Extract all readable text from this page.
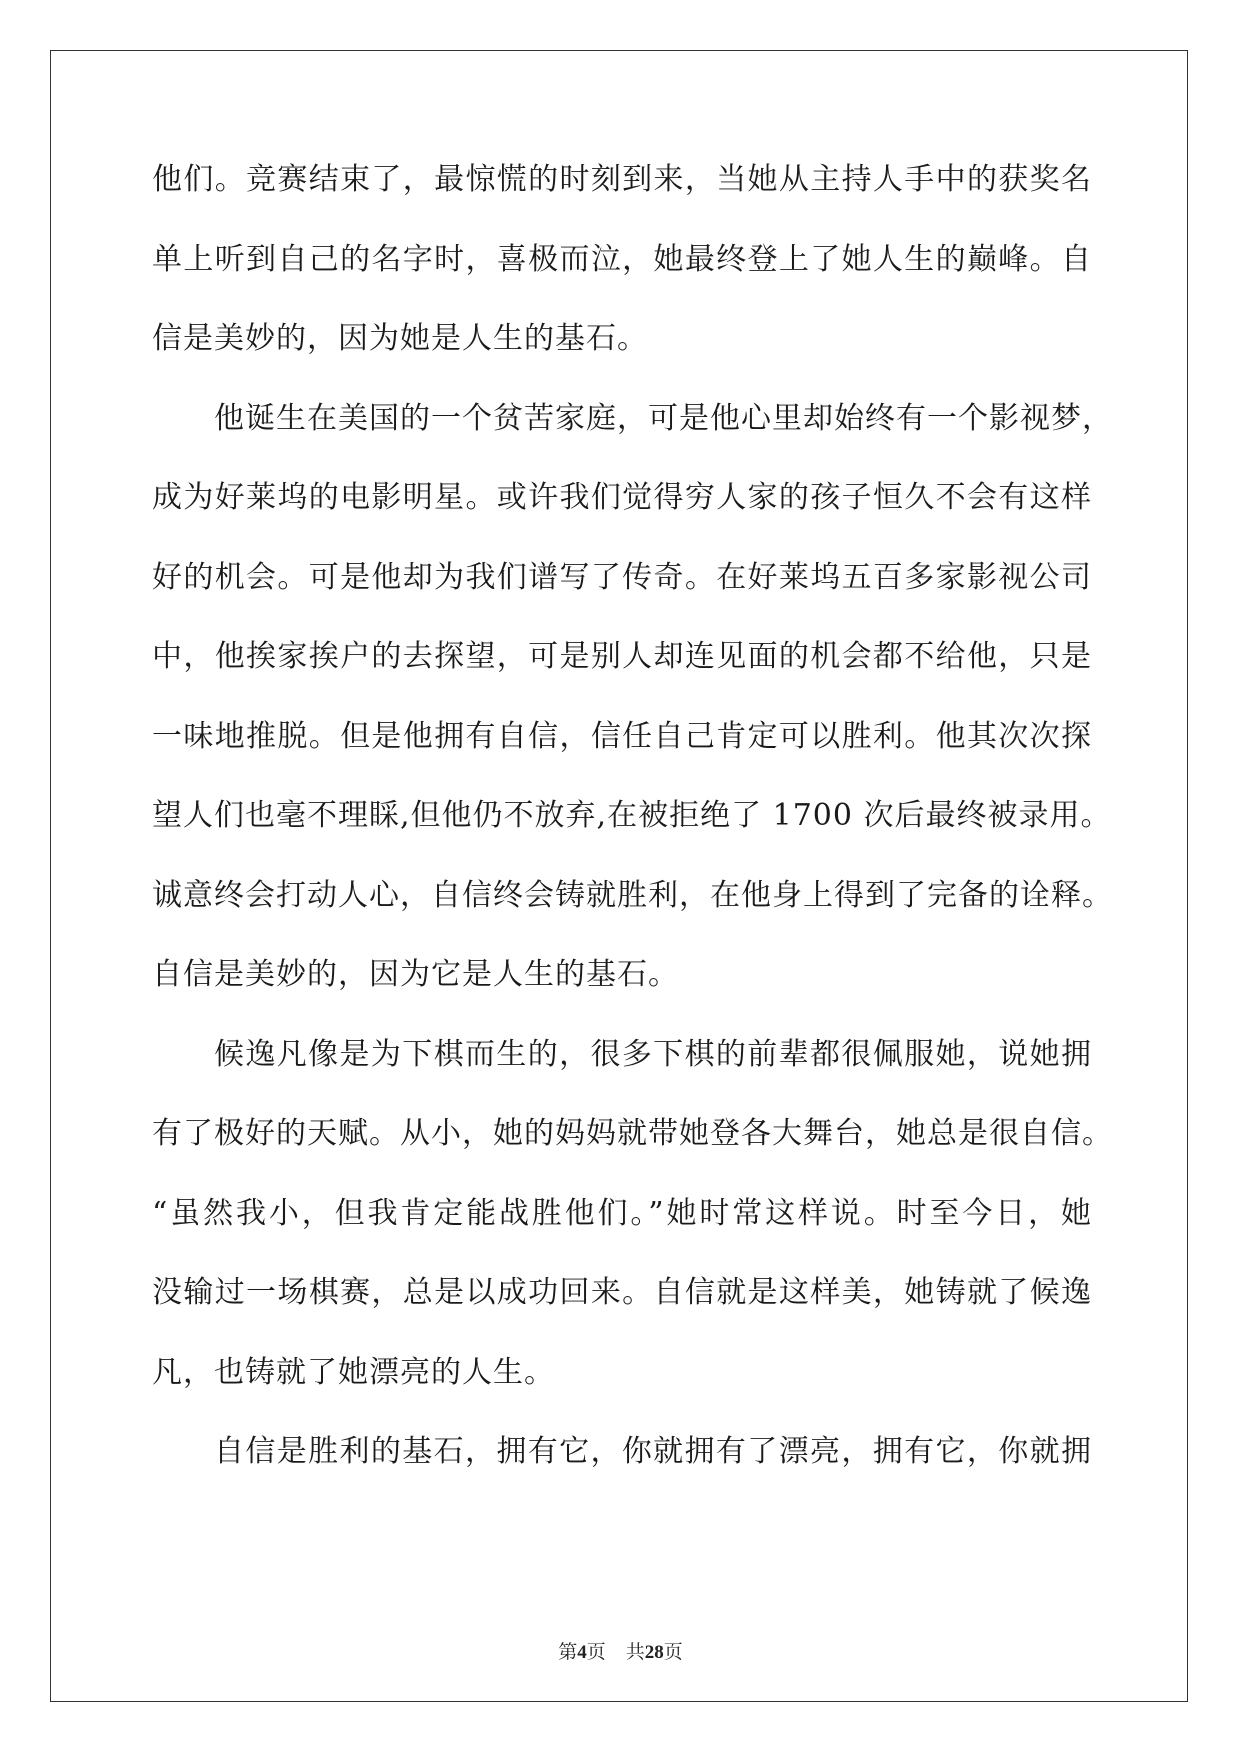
他们。竞赛结束了，最惊慌的时刻到来，当她从主持人手中的获奖名
单上听到自己的名字时，喜极而泣，她最终登上了她人生的巅峰。自
信是美妙的，因为她是人生的基石。
他诞生在美国的一个贫苦家庭，可是他心里却始终有一个影视梦，
成为好莱坞的电影明星。或许我们觉得穷人家的孩子恒久不会有这样
好的机会。可是他却为我们谱写了传奇。在好莱坞五百多家影视公司
中，他挨家挨户的去探望，可是别人却连见面的机会都不给他，只是
一味地推脱。但是他拥有自信，信任自己肯定可以胜利。他其次次探
望人们也毫不理睬,但他仍不放弃,在被拒绝了 1700 次后最终被录用。
诚意终会打动人心，自信终会铸就胜利，在他身上得到了完备的诠释。
自信是美妙的，因为它是人生的基石。
候逸凡像是为下棋而生的，很多下棋的前辈都很佩服她，说她拥
有了极好的天赋。从小，她的妈妈就带她登各大舞台，她总是很自信。
“虽然我小，但我肯定能战胜他们。”她时常这样说。时至今日，她
没输过一场棋赛，总是以成功回来。自信就是这样美，她铸就了候逸
凡，也铸就了她漂亮的人生。
自信是胜利的基石，拥有它，你就拥有了漂亮，拥有它，你就拥
第4页 共28页
